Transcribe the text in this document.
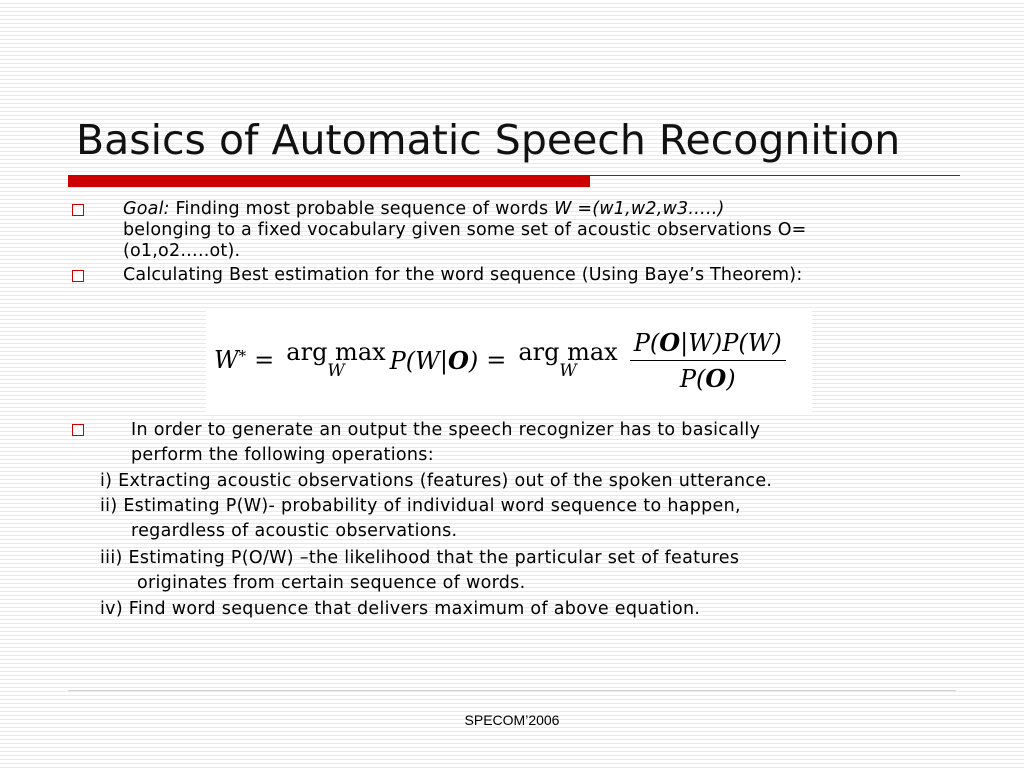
Basics of Automatic Speech Recognition
Goal: Finding most probable sequence of words W =(w1,w2,w3…..)
belonging to a fixed vocabulary given some set of acoustic observations O=
(o1,o2…..ot).
Calculating Best estimation for the word sequence (Using Baye’s Theorem):
W* = arg max
W P(W|O) = arg max
W $\frac{P(O|W)P(W)}{P(O)}$
In order to generate an output the speech recognizer has to basically
perform the following operations:
i) Extracting acoustic observations (features) out of the spoken utterance.
ii) Estimating P(W)- probability of individual word sequence to happen,
regardless of acoustic observations.
iii) Estimating P(O/W) –the likelihood that the particular set of features
originates from certain sequence of words.
iv) Find word sequence that delivers maximum of above equation.
SPECOM’2006
